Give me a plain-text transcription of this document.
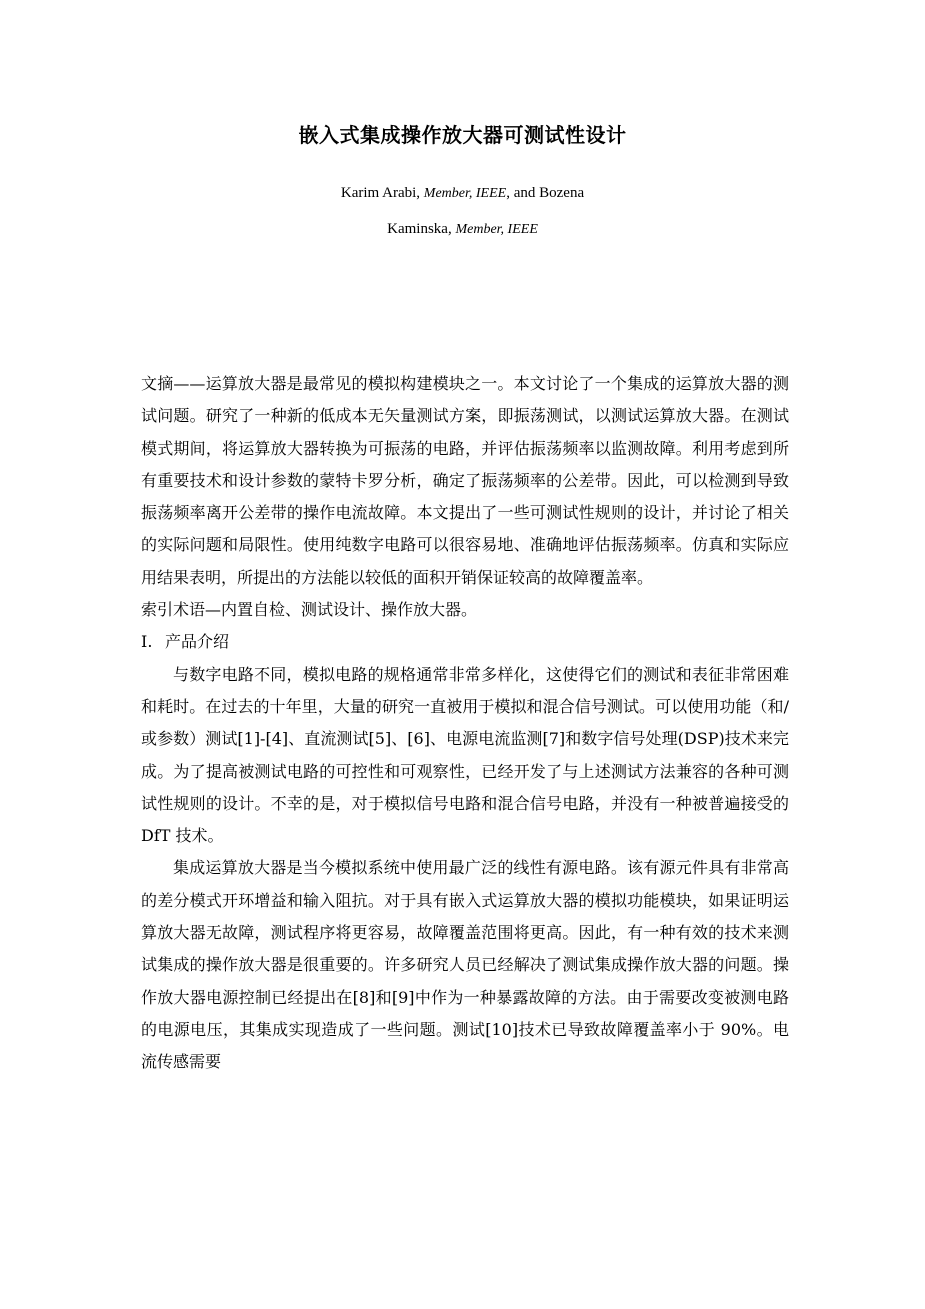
嵌入式集成操作放大器可测试性设计
Karim Arabi, Member, IEEE, and Bozena
Kaminska, Member, IEEE

文摘——运算放大器是最常见的模拟构建模块之一。本文讨论了一个集成的运算放大器的测试问题。研究了一种新的低成本无矢量测试方案，即振荡测试，以测试运算放大器。在测试模式期间，将运算放大器转换为可振荡的电路，并评估振荡频率以监测故障。利用考虑到所有重要技术和设计参数的蒙特卡罗分析，确定了振荡频率的公差带。因此，可以检测到导致振荡频率离开公差带的操作电流故障。本文提出了一些可测试性规则的设计，并讨论了相关的实际问题和局限性。使用纯数字电路可以很容易地、准确地评估振荡频率。仿真和实际应用结果表明，所提出的方法能以较低的面积开销保证较高的故障覆盖率。

索引术语—内置自检、测试设计、操作放大器。

I. 产品介绍

与数字电路不同，模拟电路的规格通常非常多样化，这使得它们的测试和表征非常困难和耗时。在过去的十年里，大量的研究一直被用于模拟和混合信号测试。可以使用功能（和/或参数）测试[1]-[4]、直流测试[5]、[6]、电源电流监测[7]和数字信号处理(DSP)技术来完成。为了提高被测试电路的可控性和可观察性，已经开发了与上述测试方法兼容的各种可测试性规则的设计。不幸的是，对于模拟信号电路和混合信号电路，并没有一种被普遍接受的 DfT 技术。

集成运算放大器是当今模拟系统中使用最广泛的线性有源电路。该有源元件具有非常高的差分模式开环增益和输入阻抗。对于具有嵌入式运算放大器的模拟功能模块，如果证明运算放大器无故障，测试程序将更容易，故障覆盖范围将更高。因此，有一种有效的技术来测试集成的操作放大器是很重要的。许多研究人员已经解决了测试集成操作放大器的问题。操作放大器电源控制已经提出在[8]和[9]中作为一种暴露故障的方法。由于需要改变被测电路的电源电压，其集成实现造成了一些问题。测试[10]技术已导致故障覆盖率小于 90%。电流传感需要
